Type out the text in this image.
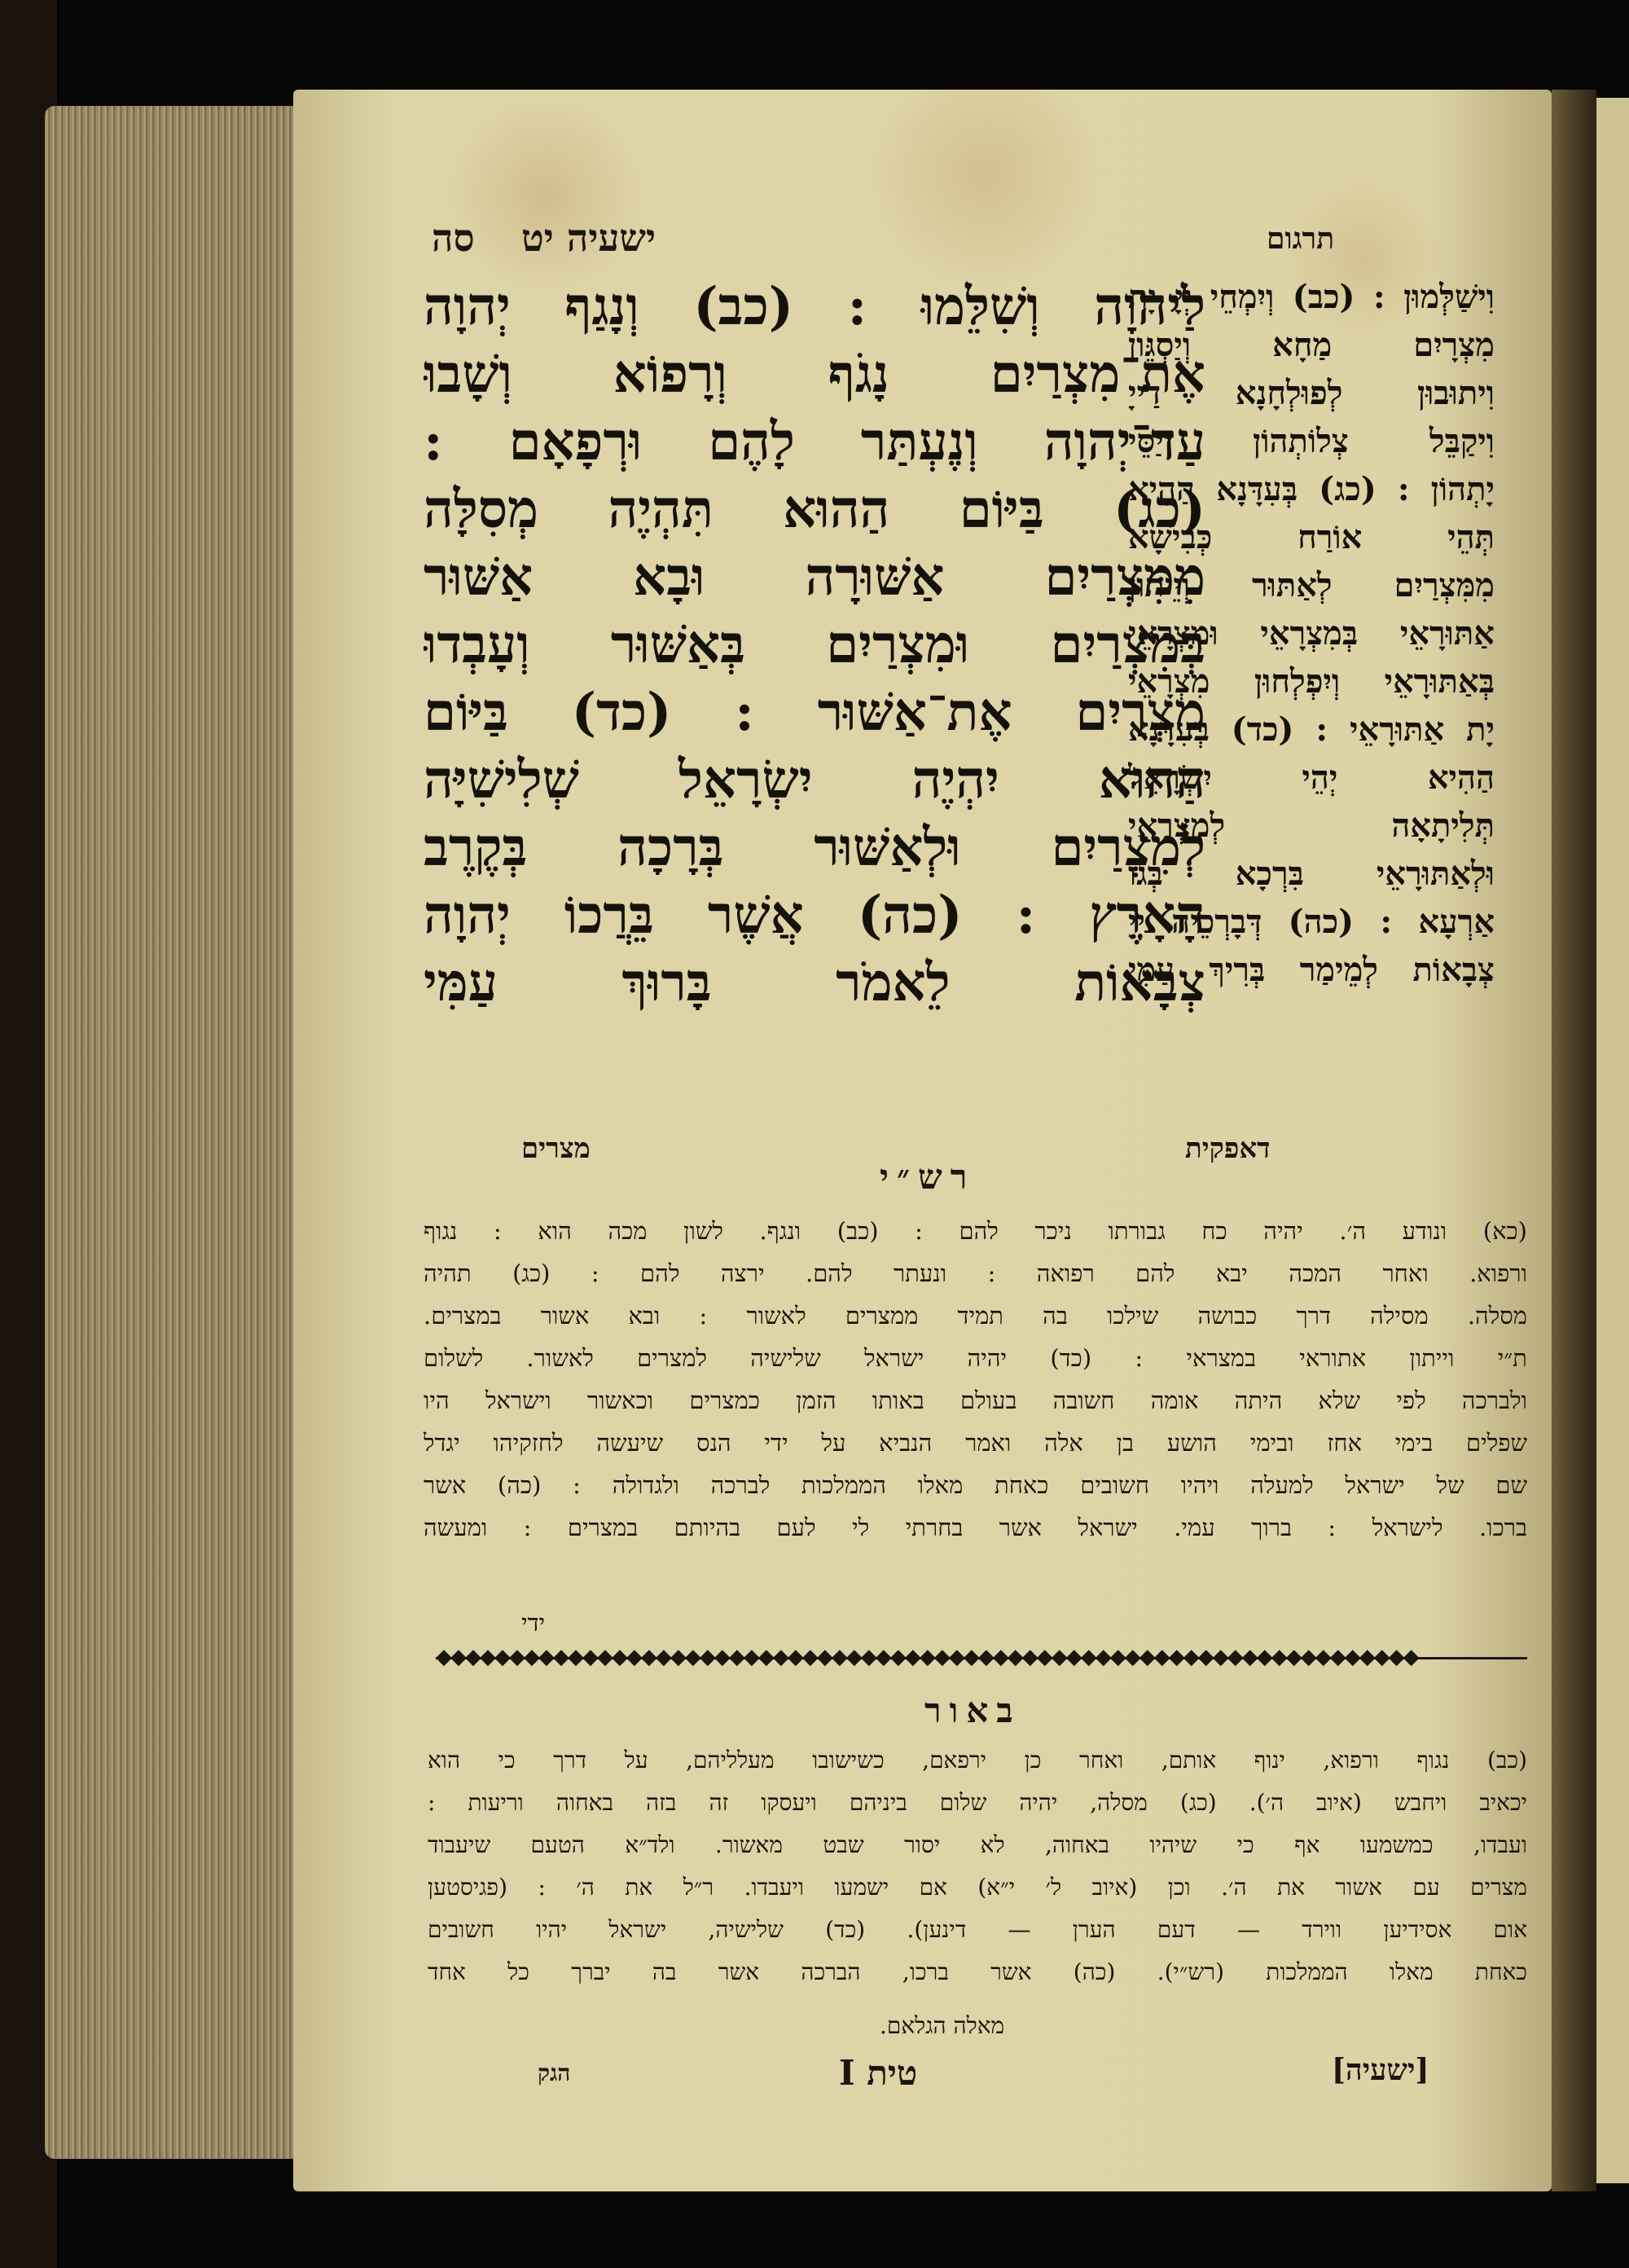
סה ישעיה יט	תרגום
לַיהוָה וְשִׁלֵּמוּ : (כב) וְנָגַף יְהוָה
אֶת־מִצְרַיִם נָגֹף וְרָפוֹא וְשָׁבוּ
עַד־יְהוָה וְנֶעְתַּר לָהֶם וּרְפָאָם :
(כג) בַּיּוֹם הַהוּא תִּהְיֶה מְסִלָּה
מִמִּצְרַיִם אַשּׁוּרָה וּבָא אַשּׁוּר
בְּמִצְרַיִם וּמִצְרַיִם בְּאַשּׁוּר וְעָבְדוּ
מִצְרַיִם אֶת־אַשּׁוּר : (כד) בַּיּוֹם
הַהוּא יִהְיֶה יִשְׂרָאֵל שְׁלִישִׁיָּה
לְמִצְרַיִם וּלְאַשּׁוּר בְּרָכָה בְּקֶרֶב
הָאָרֶץ : (כה) אֲשֶׁר בֵּרֲכוֹ יְהוָה
צְבָאוֹת לֵאמֹר בָּרוּךְ עַמִּי
וִישַׁלְּמוּן : (כב) וְיִמְחֵי יְיָ יָת
מִצְרָיִם מַחָא וְיַסְגֵּון
וִיתוּבוּן לְפוּלְחָנָא דַייָ
וִיקַבֵּל צְלוֹתְהוֹן וְיַסֵּי
יָתְהוֹן : (כג) בְּעִדָּנָא הַהִיא
תְּהֵי אוֹרַח כְּבִישָׁא
מִמִּצְרַיִם לְאַתּוּר וְיֵיתוּן
אַתּוּרָאֵי בְּמִצְרָאֵי וּמִצְרָאֵי
בְּאַתּוּרָאֵי וְיִפְלְחוּן מִצְרָאֵי
יָת אַתּוּרָאֵי : (כד) בְּעִדָּנָא
הַהִיא יְהֵי יִשְׂרָאֵל
תְּלִיתָאָה לְמִצְרָאֵי
וּלְאַתּוּרָאֵי בִּרְכָא בְּגוֹ
אַרְעָא : (כה) דְּבָרְכֵיהּ יְיָ
צְבָאוֹת לְמֵימַר בְּרִיךְ עַמִּי
מצרים	דאפקית
רש״י
(כא) ונודע ה׳. יהיה כח גבורתו ניכר להם : (כב) ונגף. לשון מכה הוא : נגוף
ורפוא. ואחר המכה יבא להם רפואה : ונעתר להם. ירצה להם : (כג) תהיה
מסלה. מסילה דרך כבושה שילכו בה תמיד ממצרים לאשור : ובא אשור במצרים.
ת״י וייתון אתוראי במצראי : (כד) יהיה ישראל שלישיה למצרים לאשור. לשלום
ולברכה לפי שלא היתה אומה חשובה בעולם באותו הזמן כמצרים וכאשור וישראל היו
שפלים בימי אחז ובימי הושע בן אלה ואמר הנביא על ידי הנס שיעשה לחזקיהו יגדל
שם של ישראל למעלה ויהיו חשובים כאחת מאלו הממלכות לברכה ולגדולה : (כה) אשר
ברכו. לישראל : ברוך עמי. ישראל אשר בחרתי לי לעם בהיותם במצרים : ומעשה
ידי
◆◆◆◆◆◆◆◆◆◆◆◆◆◆◆◆◆◆◆◆◆◆◆◆◆◆◆◆◆◆◆◆◆◆◆◆◆◆◆◆◆◆◆◆◆◆◆◆◆◆◆◆◆◆◆◆◆◆◆◆◆◆◆◆◆◆◆
באור
(כב) נגוף ורפוא, ינוף אותם, ואחר כן ירפאם, כשישובו מעלליהם, על דרך כי הוא
יכאיב ויחבש (איוב ה׳). (כג) מסלה, יהיה שלום ביניהם ויעסקו זה בזה באחוה וריעות :
ועבדו, כמשמעו אף כי שיהיו באחוה, לא יסור שבט מאשור. ולד״א הטעם שיעבוד
מצרים עם אשור את ה׳. וכן (איוב ל׳ י״א) אם ישמעו ויעבדו. ר״ל את ה׳ : (פגיסטען
אום אסידיען ווירד — דעם הערן — דינען). (כד) שלישיה, ישראל יהיו חשובים
כאחת מאלו הממלכות (רש״י). (כה) אשר ברכו, הברכה אשר בה יברך כל אחד
מאלה הגלאם.
[ישעיה]
טית I
הגק
